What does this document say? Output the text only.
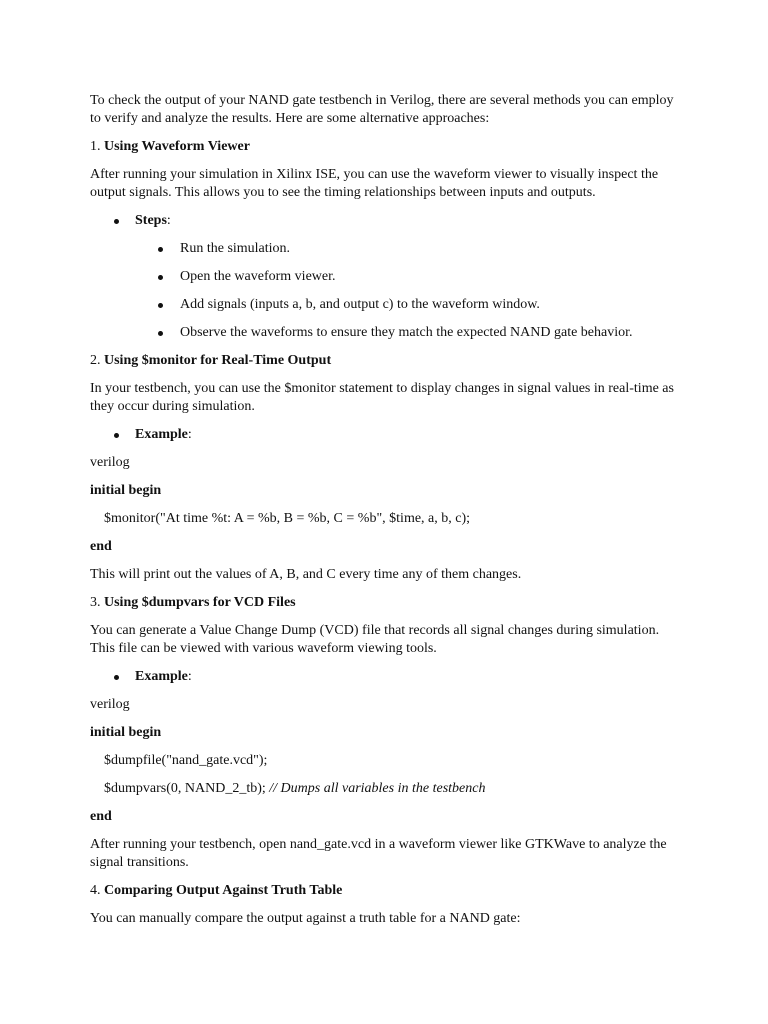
To check the output of your NAND gate testbench in Verilog, there are several methods you can employ to verify and analyze the results. Here are some alternative approaches:

1. Using Waveform Viewer

After running your simulation in Xilinx ISE, you can use the waveform viewer to visually inspect the output signals. This allows you to see the timing relationships between inputs and outputs.

Steps:
Run the simulation.
Open the waveform viewer.
Add signals (inputs a, b, and output c) to the waveform window.
Observe the waveforms to ensure they match the expected NAND gate behavior.

2. Using $monitor for Real-Time Output

In your testbench, you can use the $monitor statement to display changes in signal values in real-time as they occur during simulation.

Example:

verilog

initial begin

$monitor("At time %t: A = %b, B = %b, C = %b", $time, a, b, c);

end

This will print out the values of A, B, and C every time any of them changes.

3. Using $dumpvars for VCD Files

You can generate a Value Change Dump (VCD) file that records all signal changes during simulation. This file can be viewed with various waveform viewing tools.

Example:

verilog

initial begin

$dumpfile("nand_gate.vcd");

$dumpvars(0, NAND_2_tb); // Dumps all variables in the testbench

end

After running your testbench, open nand_gate.vcd in a waveform viewer like GTKWave to analyze the signal transitions.

4. Comparing Output Against Truth Table

You can manually compare the output against a truth table for a NAND gate:
